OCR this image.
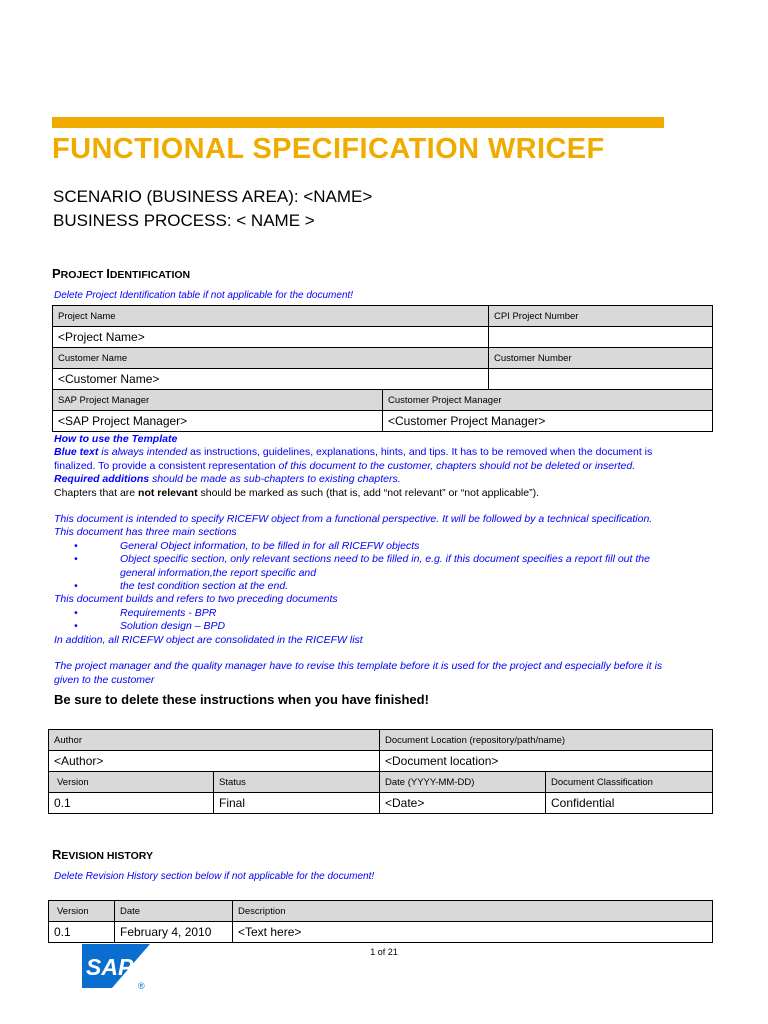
FUNCTIONAL SPECIFICATION WRICEF
SCENARIO (BUSINESS AREA): <NAME>
BUSINESS PROCESS: < NAME >
PROJECT IDENTIFICATION
Delete Project Identification table if not applicable for the document!
Project Name		CPI Project Number
<Project Name>		
Customer Name		Customer Number
<Customer Name>		
SAP Project Manager	Customer Project Manager	
<SAP Project Manager>	<Customer Project Manager>	
How to use the Template
Blue text is always intended as instructions, guidelines, explanations, hints, and tips. It has to be removed when the document is
finalized. To provide a consistent representation of this document to the customer, chapters should not be deleted or inserted.
Required additions should be made as sub-chapters to existing chapters.
Chapters that are not relevant should be marked as such (that is, add “not relevant” or “not applicable”).
This document is intended to specify RICEFW object from a functional perspective. It will be followed by a technical specification.
This document has three main sections
•	General Object information, to be filled in for all RICEFW objects
•	Object specific section, only relevant sections need to be filled in, e.g. if this document specifies a report fill out the
general information,the report specific and
•	the test condition section at the end.
This document builds and refers to two preceding documents
•	Requirements - BPR
•	Solution design – BPD
In addition, all RICEFW object are consolidated in the RICEFW list
The project manager and the quality manager have to revise this template before it is used for the project and especially before it is
given to the customer
Be sure to delete these instructions when you have finished!
Author		Document Location (repository/path/name)	
<Author>		<Document location>	
Version	Status	Date (YYYY-MM-DD)	Document Classification
0.1	Final	<Date>	Confidential
REVISION HISTORY
Delete Revision History section below if not applicable for the document!
Version	Date	Description
0.1	February 4, 2010	<Text here>
1 of 21
SAP
®
